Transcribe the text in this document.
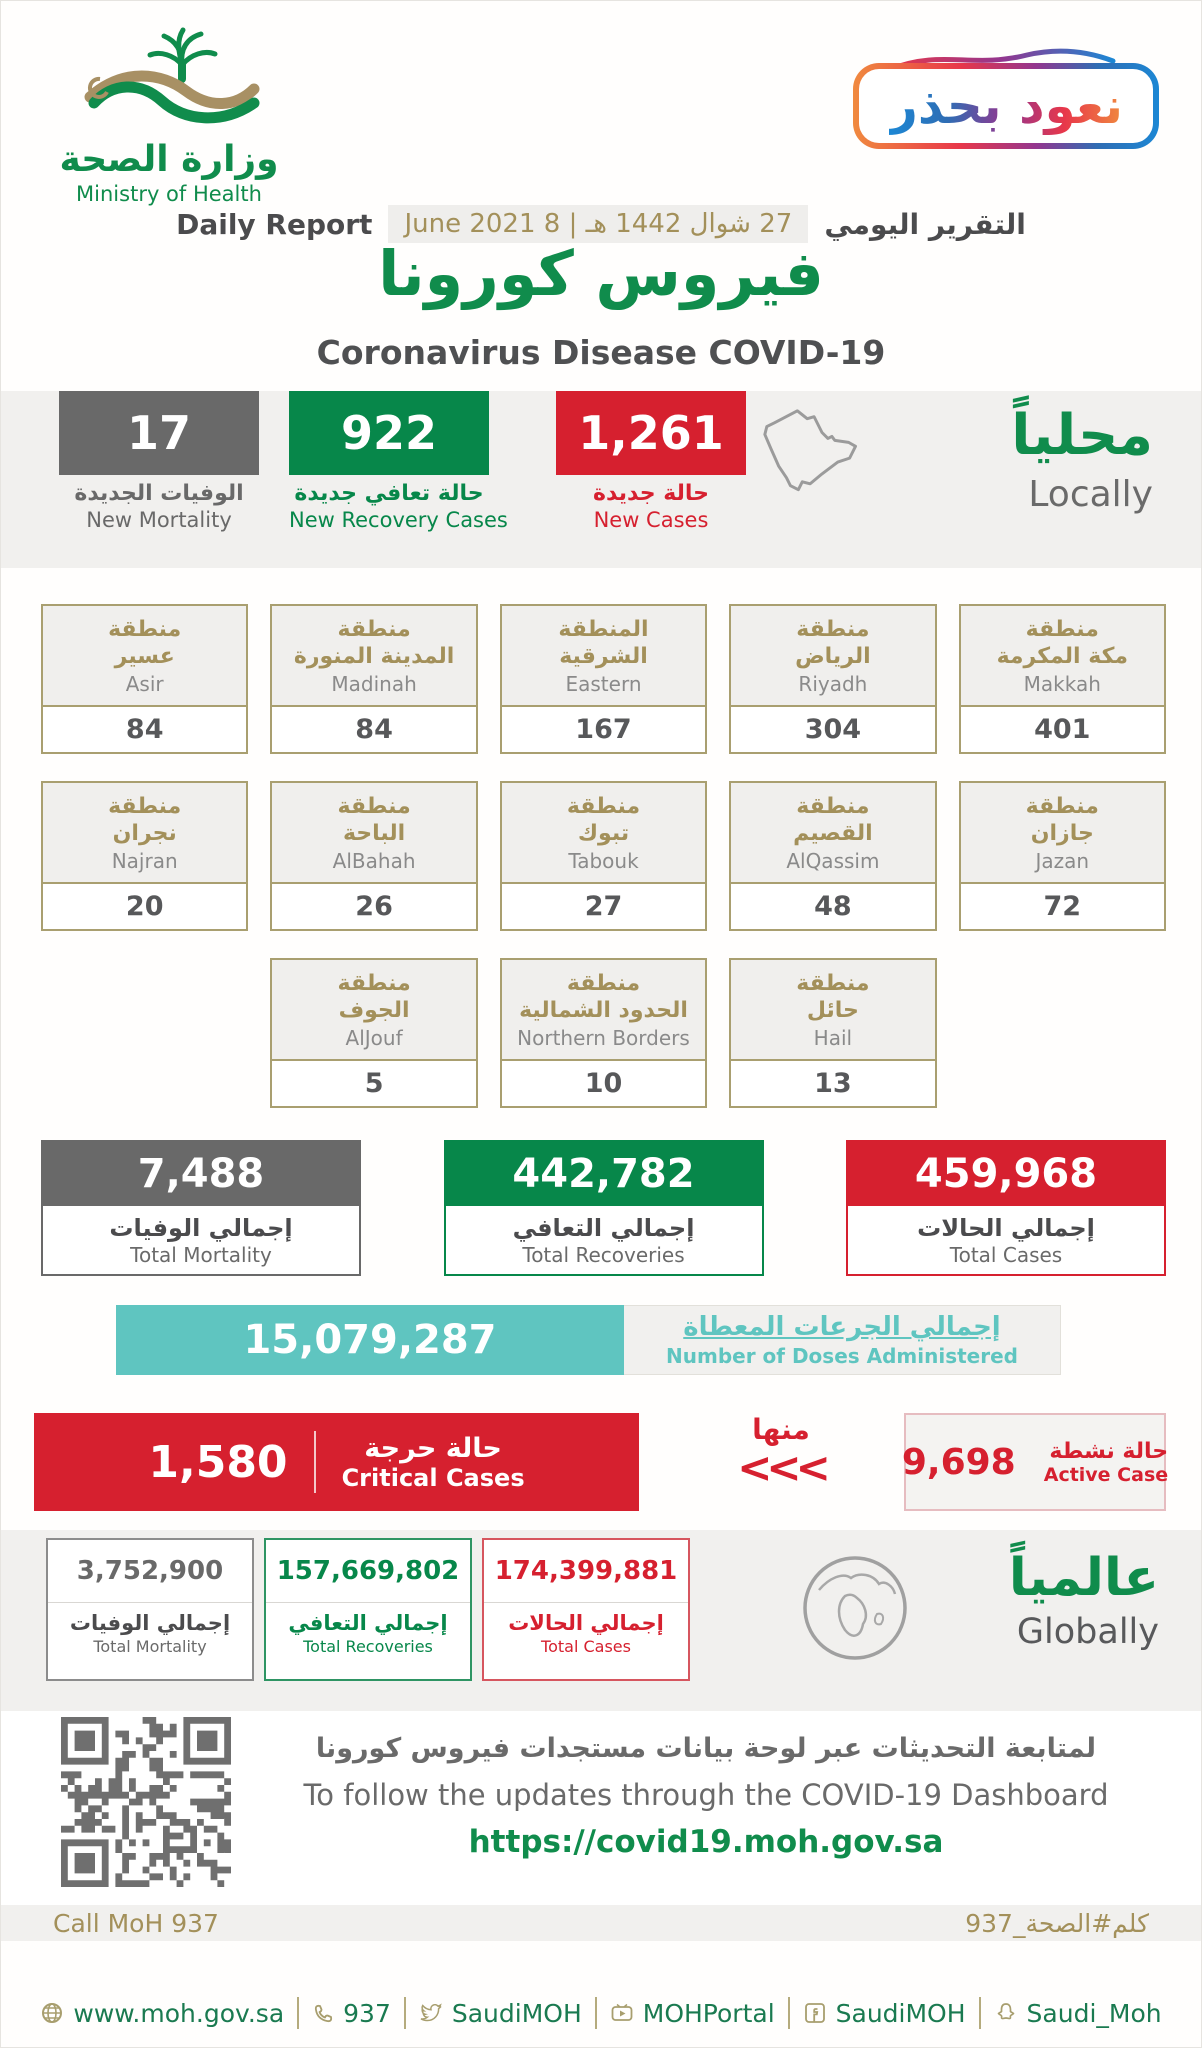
وزارة الصحة
Ministry of Health
نعود بحذر
Daily Report	27 شوال 1442 هـ | 8 June 2021	التقرير اليومي
فيروس كورونا
Coronavirus Disease COVID-19
17
الوفيات الجديدة
New Mortality
922
حالة تعافي جديدة
New Recovery Cases
1,261
حالة جديدة
New Cases
محلياً
Locally
منطقة
عسير
Asir
84
منطقة
المدينة المنورة
Madinah
84
المنطقة
الشرقية
Eastern
167
منطقة
الرياض
Riyadh
304
منطقة
مكة المكرمة
Makkah
401
منطقة
نجران
Najran
20
منطقة
الباحة
AlBahah
26
منطقة
تبوك
Tabouk
27
منطقة
القصيم
AlQassim
48
منطقة
جازان
Jazan
72
منطقة
الجوف
AlJouf
5
منطقة
الحدود الشمالية
Northern Borders
10
منطقة
حائل
Hail
13
7,488
إجمالي الوفيات
Total Mortality
442,782
إجمالي التعافي
Total Recoveries
459,968
إجمالي الحالات
Total Cases
15,079,287	إجمالي الجرعات المعطاة
Number of Doses Administered
1,580	حالة حرجة
Critical Cases
منها
<<<	9,698 حالة نشطة
Active Case
3,752,900
إجمالي الوفيات
Total Mortality
157,669,802
إجمالي التعافي
Total Recoveries
174,399,881
إجمالي الحالات
Total Cases
عالمياً
Globally
لمتابعة التحديثات عبر لوحة بيانات مستجدات فيروس كورونا
To follow the updates through the COVID-19 Dashboard
https://covid19.moh.gov.sa
Call MoH 937	كلم#الصحة_937
www.moh.gov.sa 937 SaudiMOH MOHPortal SaudiMOH Saudi_Moh
